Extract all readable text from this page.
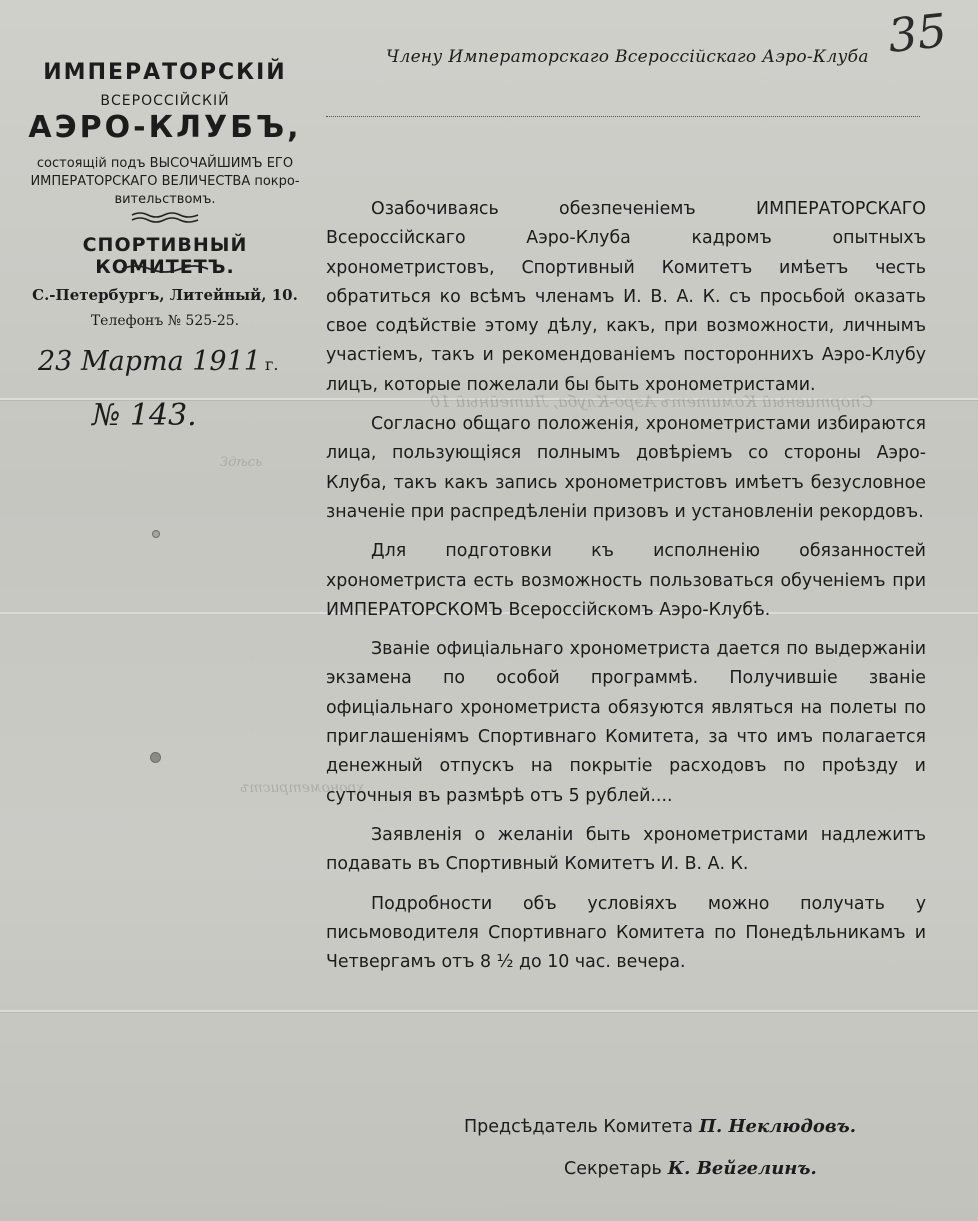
35
ИМПЕРАТОРСКIЙ
ВСЕРОССIЙСКIЙ
АЭРО-КЛУБЪ,
состоящiй подъ ВЫСОЧАЙШИМЪ ЕГО
ИМПЕРАТОРСКАГО ВЕЛИЧЕСТВА покро-
вительствомъ.
СПОРТИВНЫЙ КОМИТЕТЪ.
С.-Петербургъ, Литейный, 10.
Телефонъ № 525-25.
23 Марта 1911 г.
№ 143.	Спортивный Комитетъ Аэро-Клуба, Литейный 10
Здѣсь
хронометристъ
Члену Императорскаго Всероссiйскаго Аэро-Клуба

Озабочиваясь обезпеченiемъ ИМПЕРАТОРСКАГО Всероссiйскаго Аэро-Клуба кадромъ опытныхъ хронометристовъ, Спортивный Комитетъ имѣетъ честь обратиться ко всѣмъ членамъ И. В. А. К. съ просьбой оказать свое содѣйствiе этому дѣлу, какъ, при возможности, личнымъ участiемъ, такъ и рекомендованiемъ постороннихъ Аэро-Клубу лицъ, которые пожелали бы быть хронометристами.

Согласно общаго положенiя, хронометристами избираются лица, пользующiяся полнымъ довѣрiемъ со стороны Аэро-Клуба, такъ какъ запись хронометристовъ имѣетъ безусловное значенiе при распредѣленiи призовъ и установленiи рекордовъ.

Для подготовки къ исполненiю обязанностей хронометриста есть возможность пользоваться обученiемъ при ИМПЕРАТОРСКОМЪ Всероссiйскомъ Аэро-Клубѣ.

Званiе офицiальнаго хронометриста дается по выдержанiи экзамена по особой программѣ. Получившiе званiе офицiальнаго хронометриста обязуются являться на полеты по приглашенiямъ Спортивнаго Комитета, за что имъ полагается денежный отпускъ на покрытiе расходовъ по проѣзду и суточныя въ размѣрѣ отъ 5 рублей....

Заявленiя о желанiи быть хронометристами надлежитъ подавать въ Спортивный Комитетъ И. В. А. К.

Подробности объ условiяхъ можно получать у письмоводителя Спортивнаго Комитета по Понедѣльникамъ и Четвергамъ отъ 8 ½ до 10 час. вечера.

Предсѣдатель Комитета П. Неклюдовъ.
Секретарь К. Вейгелинъ.
